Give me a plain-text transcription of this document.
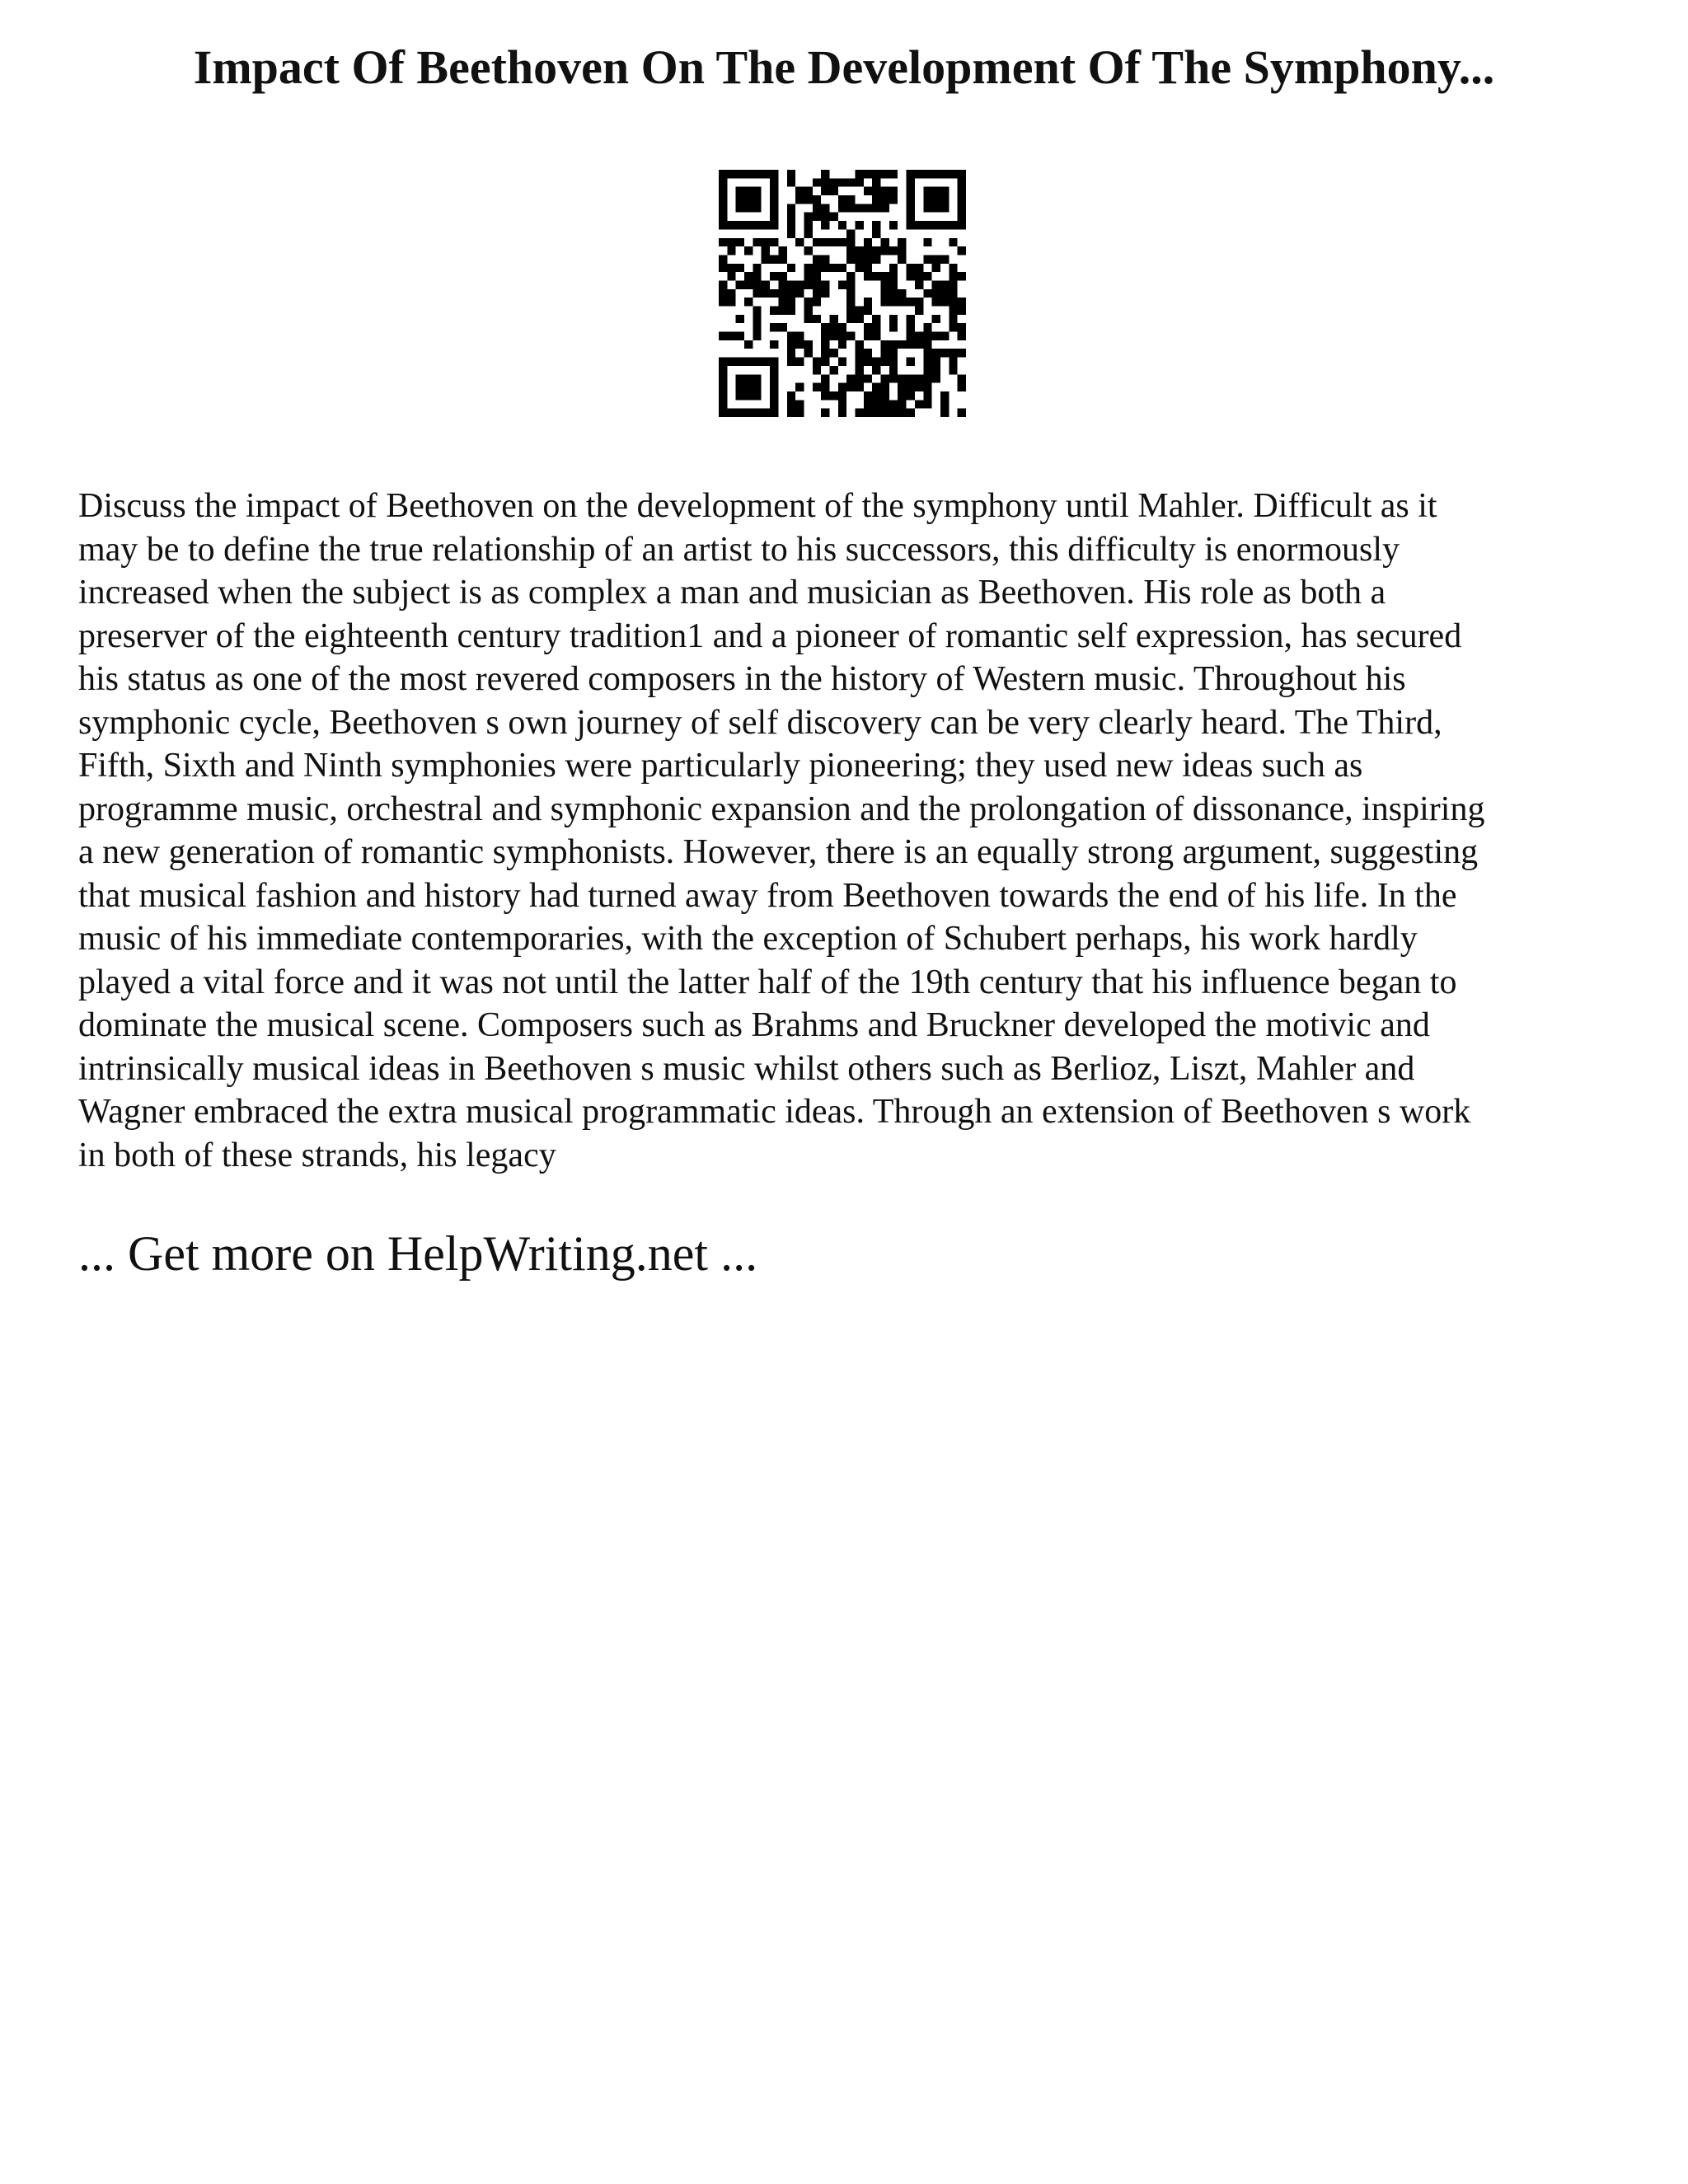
Impact Of Beethoven On The Development Of The Symphony...
Discuss the impact of Beethoven on the development of the symphony until Mahler. Difficult as it
may be to define the true relationship of an artist to his successors, this difficulty is enormously
increased when the subject is as complex a man and musician as Beethoven. His role as both a
preserver of the eighteenth century tradition1 and a pioneer of romantic self expression, has secured
his status as one of the most revered composers in the history of Western music. Throughout his
symphonic cycle, Beethoven s own journey of self discovery can be very clearly heard. The Third,
Fifth, Sixth and Ninth symphonies were particularly pioneering; they used new ideas such as
programme music, orchestral and symphonic expansion and the prolongation of dissonance, inspiring
a new generation of romantic symphonists. However, there is an equally strong argument, suggesting
that musical fashion and history had turned away from Beethoven towards the end of his life. In the
music of his immediate contemporaries, with the exception of Schubert perhaps, his work hardly
played a vital force and it was not until the latter half of the 19th century that his influence began to
dominate the musical scene. Composers such as Brahms and Bruckner developed the motivic and
intrinsically musical ideas in Beethoven s music whilst others such as Berlioz, Liszt, Mahler and
Wagner embraced the extra musical programmatic ideas. Through an extension of Beethoven s work
in both of these strands, his legacy

... Get more on HelpWriting.net ...
